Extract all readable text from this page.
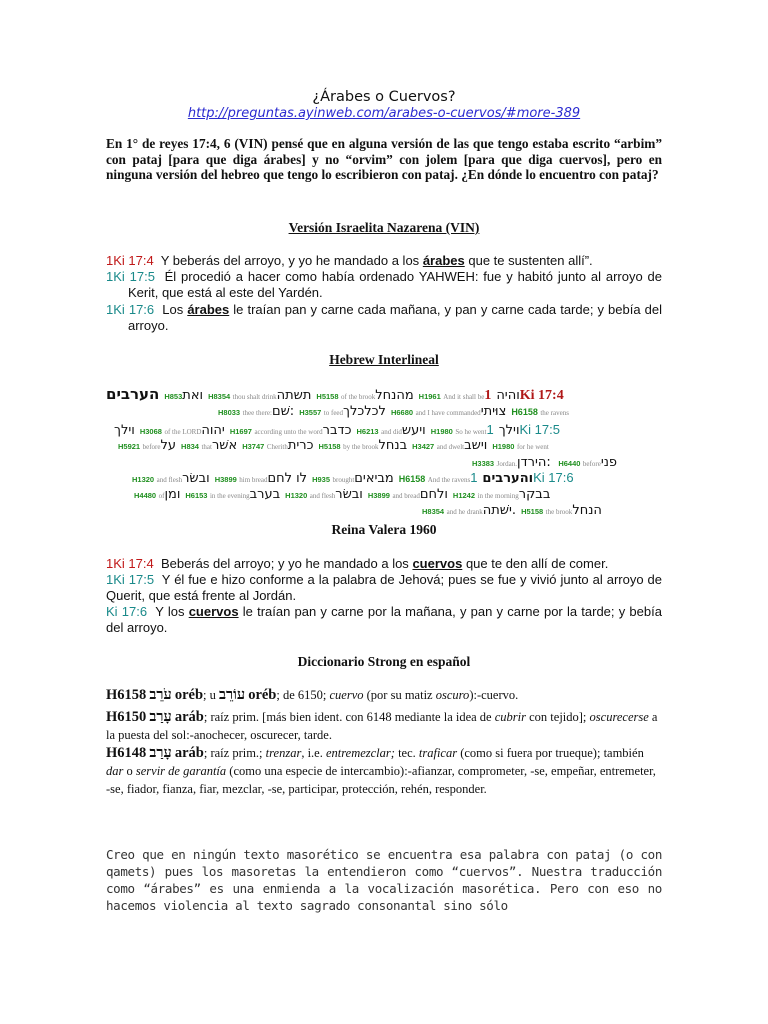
¿Árabes o Cuervos?
http://preguntas.ayinweb.com/arabes-o-cuervos/#more-389
En 1° de reyes 17:4, 6 (VIN) pensé que en alguna versión de las que tengo estaba escrito “arbim” con pataj [para que diga árabes] y no “orvim” con jolem [para que diga cuervos], pero en ninguna versión del hebreo que tengo lo escribieron con pataj. ¿En dónde lo encuentro con pataj?
Versión Israelita Nazarena (VIN)
1Ki 17:4 Y beberás del arroyo, y yo he mandado a los árabes que te sustenten allí”.
1Ki 17:5 Él procedió a hacer como había ordenado YAHWEH: fue y habitó junto al arroyo de Kerit, que está al este del Yardén.
1Ki 17:6 Los árabes le traían pan y carne cada mañana, y pan y carne cada tarde; y bebía del arroyo.
Hebrew Interlineal
הערבים H853ואת H8354 thou shalt drinkתשתה H5158 of the brookמהנחל H1961 And it shall be והיה  1Ki 17:4
H8033 thee there:שׁם: H3557 to feedלכלכלך H6680 and I have commandedצוּיתי H6158 the ravens
וילך H3068 of the LORDיהוה H1697 according unto the wordכדבר H6213 and didויעש H1980 So he went וילך  1Ki 17:5
H5921 beforeעל H834 thatאשׁר H3747 Cherithכרית H5158 by the brookבנחל H3427 and dweltוישב H1980 for he went
H3383 Jordan.הירדן: H6440 beforeפני
H1320 and fleshובשׂר H3899 him breadלו לחם H935 broughtמביאים H6158 And the ravens והערבים  1Ki 17:6
H4480 ofומן H6153 in the eveningבערב H1320 and fleshובשׂר H3899 and breadולחם H1242 in the morningבבקר
H8354 and he drankישׁתה. H5158 the brookהנחל
Reina Valera 1960
1Ki 17:4 Beberás del arroyo; y yo he mandado a los cuervos que te den allí de comer.
1Ki 17:5 Y él fue e hizo conforme a la palabra de Jehová; pues se fue y vivió junto al arroyo de Querit, que está frente al Jordán.
Ki 17:6 Y los cuervos le traían pan y carne por la mañana, y pan y carne por la tarde; y bebía del arroyo.
Diccionario Strong en español
H6158 עֹרֵב oréb; u עוֹרֵב oréb; de 6150; cuervo (por su matiz oscuro):-cuervo.
H6150 עָרַב aráb; raíz prim. [más bien ident. con 6148 mediante la idea de cubrir con tejido]; oscurecerse a la puesta del sol:-anochecer, oscurecer, tarde.
H6148 עָרַב aráb; raíz prim.; trenzar, i.e. entremezclar; tec. traficar (como si fuera por trueque); también dar o servir de garantía (como una especie de intercambio):-afianzar, comprometer, -se, empeñar, entremeter, -se, fiador, fianza, fiar, mezclar, -se, participar, protección, rehén, responder.
Creo que en ningún texto masorético se encuentra esa palabra con pataj (o con qamets) pues los masoretas la entendieron como “cuervos”. Nuestra traducción como “árabes” es una enmienda a la vocalización masorética. Pero con eso no hacemos violencia al texto sagrado consonantal sino sólo
